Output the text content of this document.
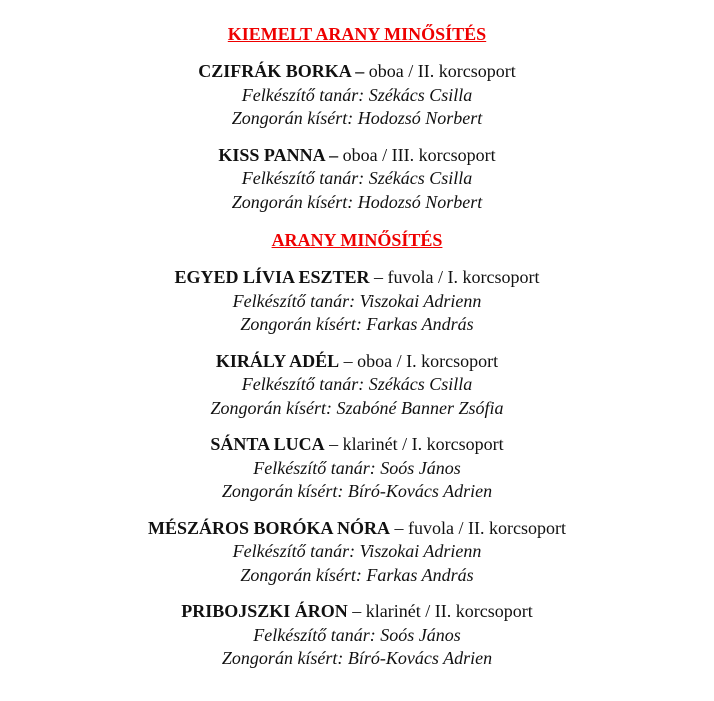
KIEMELT ARANY MINŐSÍTÉS

CZIFRÁK BORKA – oboa / II. korcsoport

Felkészítő tanár: Székács Csilla

Zongorán kísért: Hodozsó Norbert

KISS PANNA – oboa / III. korcsoport

Felkészítő tanár: Székács Csilla

Zongorán kísért: Hodozsó Norbert

ARANY MINŐSÍTÉS

EGYED LÍVIA ESZTER – fuvola / I. korcsoport

Felkészítő tanár: Viszokai Adrienn

Zongorán kísért: Farkas András

KIRÁLY ADÉL – oboa / I. korcsoport

Felkészítő tanár: Székács Csilla

Zongorán kísért: Szabóné Banner Zsófia

SÁNTA LUCA – klarinét / I. korcsoport

Felkészítő tanár: Soós János

Zongorán kísért: Bíró-Kovács Adrien

MÉSZÁROS BORÓKA NÓRA – fuvola / II. korcsoport

Felkészítő tanár: Viszokai Adrienn

Zongorán kísért: Farkas András

PRIBOJSZKI ÁRON – klarinét / II. korcsoport

Felkészítő tanár: Soós János

Zongorán kísért: Bíró-Kovács Adrien
